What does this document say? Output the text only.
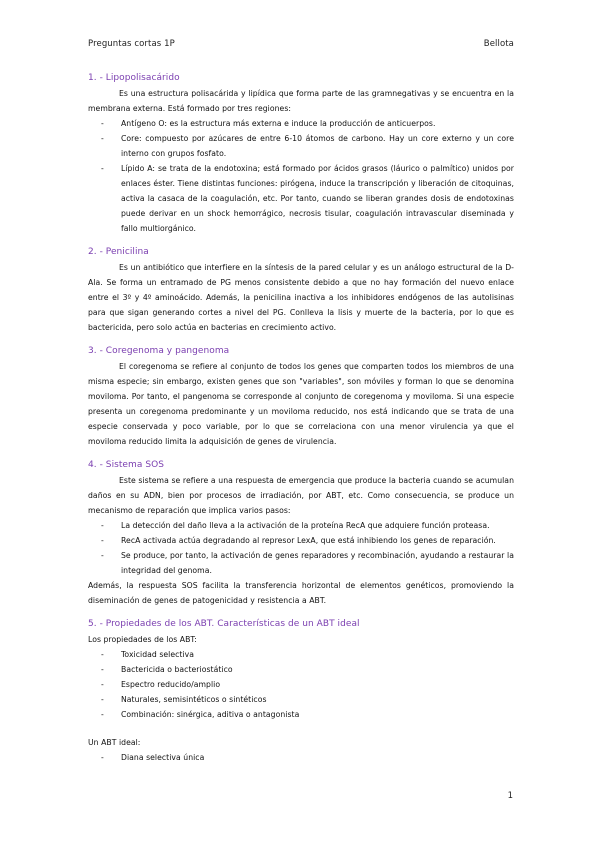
Preguntas cortas 1P	Bellota
1. - Lipopolisacárido

Es una estructura polisacárida y lipídica que forma parte de las gramnegativas y se encuentra en la membrana externa. Está formado por tres regiones:

- Antígeno O: es la estructura más externa e induce la producción de anticuerpos.
- Core: compuesto por azúcares de entre 6-10 átomos de carbono. Hay un core externo y un core interno con grupos fosfato.
- Lípido A: se trata de la endotoxina; está formado por ácidos grasos (láurico o palmítico) unidos por enlaces éster. Tiene distintas funciones: pirógena, induce la transcripción y liberación de citoquinas, activa la casaca de la coagulación, etc. Por tanto, cuando se liberan grandes dosis de endotoxinas puede derivar en un shock hemorrágico, necrosis tisular, coagulación intravascular diseminada y fallo multiorgánico.
2. - Penicilina

Es un antibiótico que interfiere en la síntesis de la pared celular y es un análogo estructural de la D-Ala. Se forma un entramado de PG menos consistente debido a que no hay formación del nuevo enlace entre el 3º y 4º aminoácido. Además, la penicilina inactiva a los inhibidores endógenos de las autolisinas para que sigan generando cortes a nivel del PG. Conlleva la lisis y muerte de la bacteria, por lo que es bactericida, pero solo actúa en bacterias en crecimiento activo.

3. - Coregenoma y pangenoma

El coregenoma se refiere al conjunto de todos los genes que comparten todos los miembros de una misma especie; sin embargo, existen genes que son "variables", son móviles y forman lo que se denomina moviloma. Por tanto, el pangenoma se corresponde al conjunto de coregenoma y moviloma. Si una especie presenta un coregenoma predominante y un moviloma reducido, nos está indicando que se trata de una especie conservada y poco variable, por lo que se correlaciona con una menor virulencia ya que el moviloma reducido limita la adquisición de genes de virulencia.

4. - Sistema SOS

Este sistema se refiere a una respuesta de emergencia que produce la bacteria cuando se acumulan daños en su ADN, bien por procesos de irradiación, por ABT, etc. Como consecuencia, se produce un mecanismo de reparación que implica varios pasos:

- La detección del daño lleva a la activación de la proteína RecA que adquiere función proteasa.
- RecA activada actúa degradando al represor LexA, que está inhibiendo los genes de reparación.
- Se produce, por tanto, la activación de genes reparadores y recombinación, ayudando a restaurar la integridad del genoma.

Además, la respuesta SOS facilita la transferencia horizontal de elementos genéticos, promoviendo la diseminación de genes de patogenicidad y resistencia a ABT.

5. - Propiedades de los ABT. Características de un ABT ideal

Los propiedades de los ABT:

- Toxicidad selectiva
- Bactericida o bacteriostático
- Espectro reducido/amplio
- Naturales, semisintéticos o sintéticos
- Combinación: sinérgica, aditiva o antagonista

Un ABT ideal:

- Diana selectiva única
1
